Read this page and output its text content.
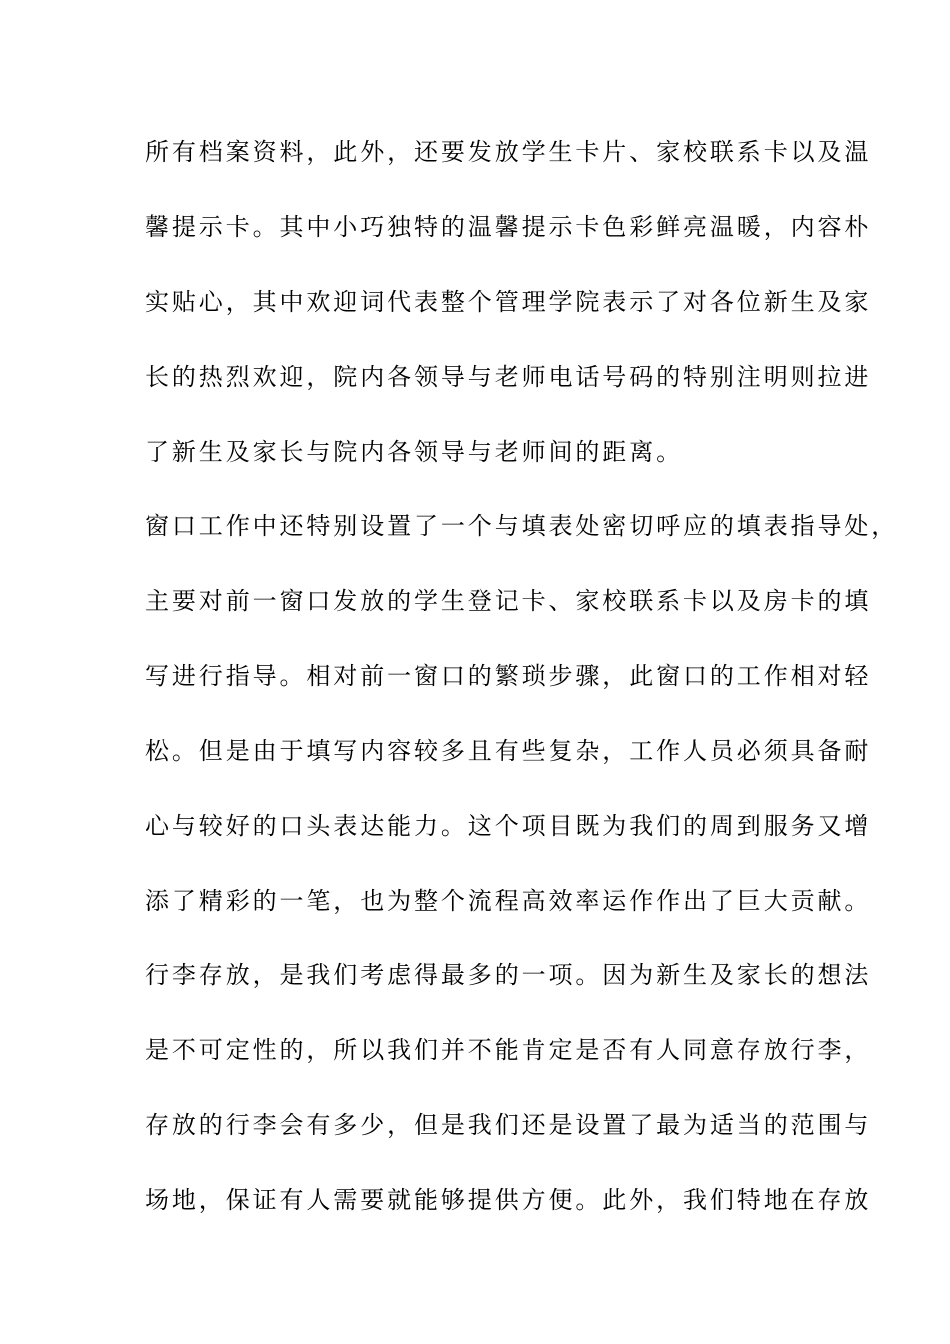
所有档案资料，此外，还要发放学生卡片、家校联系卡以及温
馨提示卡。其中小巧独特的温馨提示卡色彩鲜亮温暖，内容朴
实贴心，其中欢迎词代表整个管理学院表示了对各位新生及家
长的热烈欢迎，院内各领导与老师电话号码的特别注明则拉进
了新生及家长与院内各领导与老师间的距离。
窗口工作中还特别设置了一个与填表处密切呼应的填表指导处，
主要对前一窗口发放的学生登记卡、家校联系卡以及房卡的填
写进行指导。相对前一窗口的繁琐步骤，此窗口的工作相对轻
松。但是由于填写内容较多且有些复杂，工作人员必须具备耐
心与较好的口头表达能力。这个项目既为我们的周到服务又增
添了精彩的一笔，也为整个流程高效率运作作出了巨大贡献。
行李存放，是我们考虑得最多的一项。因为新生及家长的想法
是不可定性的，所以我们并不能肯定是否有人同意存放行李，
存放的行李会有多少，但是我们还是设置了最为适当的范围与
场地，保证有人需要就能够提供方便。此外，我们特地在存放
